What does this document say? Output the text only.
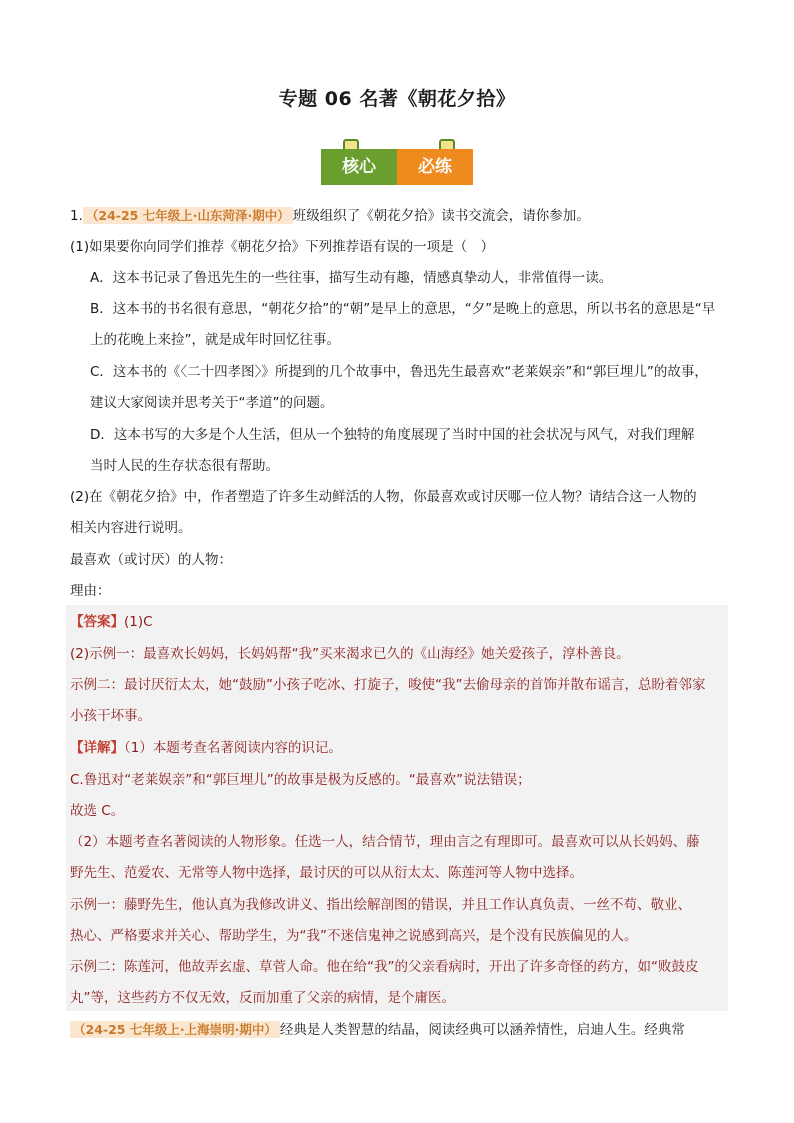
专题 06 名著《朝花夕拾》
核心	必练
1. （24-25 七年级上·山东菏泽·期中） 班级组织了《朝花夕拾》读书交流会，请你参加。
(1)如果要你向同学们推荐《朝花夕拾》下列推荐语有误的一项是（　）
A．这本书记录了鲁迅先生的一些往事，描写生动有趣，情感真挚动人，非常值得一读。
B．这本书的书名很有意思，“朝花夕拾”的“朝”是早上的意思，“夕”是晚上的意思，所以书名的意思是“早
上的花晚上来捡”，就是成年时回忆往事。
C．这本书的《〈二十四孝图〉》所提到的几个故事中，鲁迅先生最喜欢“老莱娱亲”和“郭巨埋儿”的故事，
建议大家阅读并思考关于“孝道”的问题。
D．这本书写的大多是个人生活，但从一个独特的角度展现了当时中国的社会状况与风气，对我们理解
当时人民的生存状态很有帮助。
(2)在《朝花夕拾》中，作者塑造了许多生动鲜活的人物，你最喜欢或讨厌哪一位人物？请结合这一人物的
相关内容进行说明。
最喜欢（或讨厌）的人物：
理由：
【答案】(1)C
(2)示例一：最喜欢长妈妈，长妈妈帮“我”买来渴求已久的《山海经》她关爱孩子，淳朴善良。
示例二：最讨厌衍太太，她“鼓励”小孩子吃冰、打旋子，唆使“我”去偷母亲的首饰并散布谣言，总盼着邻家
小孩干坏事。
【详解】（1）本题考查名著阅读内容的识记。
C.鲁迅对“老莱娱亲”和“郭巨埋儿”的故事是极为反感的。“最喜欢”说法错误；
故选 C。
（2）本题考查名著阅读的人物形象。任选一人，结合情节，理由言之有理即可。最喜欢可以从长妈妈、藤
野先生、范爱农、无常等人物中选择，最讨厌的可以从衍太太、陈莲河等人物中选择。
示例一：藤野先生，他认真为我修改讲义、指出绘解剖图的错误，并且工作认真负责、一丝不苟、敬业、
热心、严格要求并关心、帮助学生，为“我”不迷信鬼神之说感到高兴，是个没有民族偏见的人。
示例二：陈莲河，他故弄玄虚、草菅人命。他在给“我”的父亲看病时，开出了许多奇怪的药方，如“败鼓皮
丸”等，这些药方不仅无效，反而加重了父亲的病情，是个庸医。
（24-25 七年级上·上海崇明·期中） 经典是人类智慧的结晶，阅读经典可以涵养情性，启迪人生。经典常
